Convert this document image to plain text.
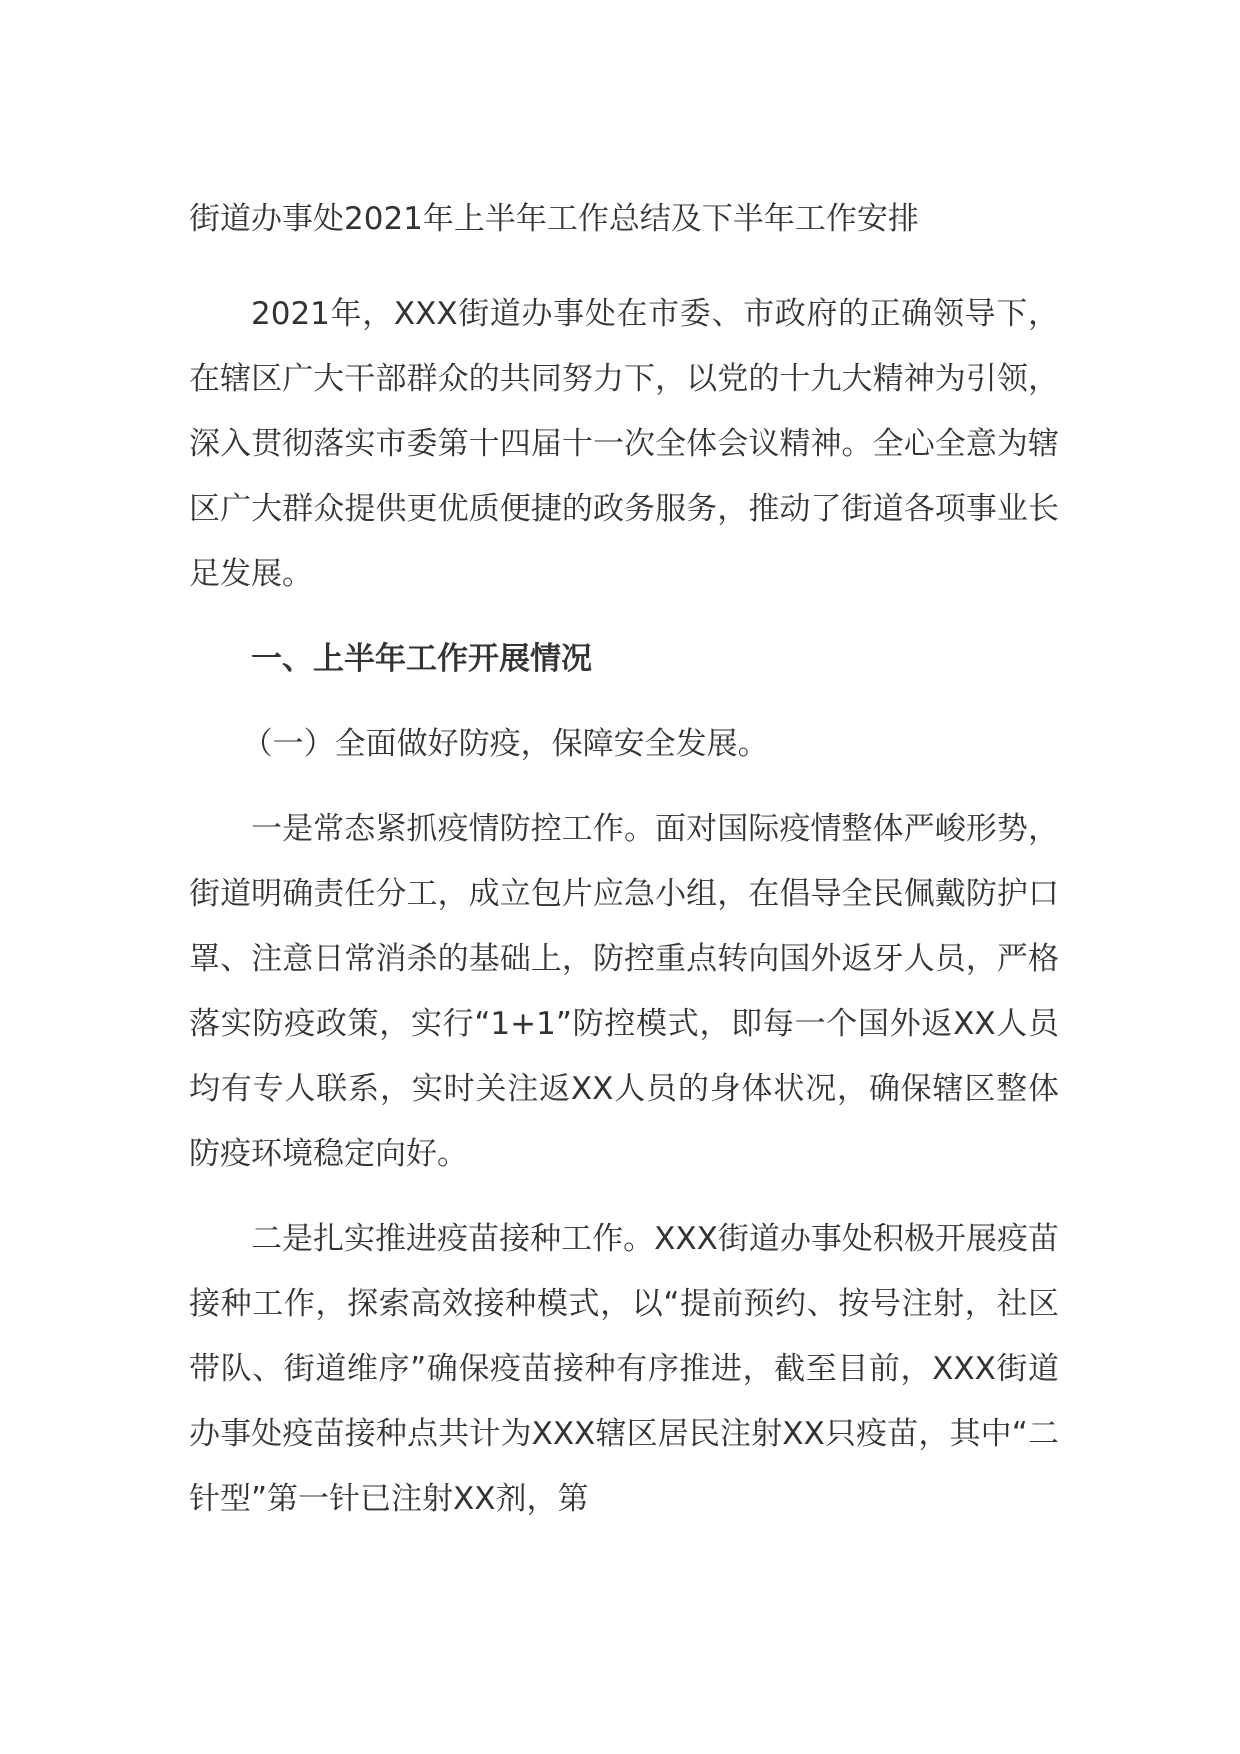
街道办事处2021年上半年工作总结及下半年工作安排

2021年，XXX街道办事处在市委、市政府的正确领导下，在辖区广大干部群众的共同努力下，以党的十九大精神为引领，深入贯彻落实市委第十四届十一次全体会议精神。全心全意为辖区广大群众提供更优质便捷的政务服务，推动了街道各项事业长足发展。

一、上半年工作开展情况

（一）全面做好防疫，保障安全发展。

一是常态紧抓疫情防控工作。面对国际疫情整体严峻形势，街道明确责任分工，成立包片应急小组，在倡导全民佩戴防护口罩、注意日常消杀的基础上，防控重点转向国外返牙人员，严格落实防疫政策，实行“1+1”防控模式，即每一个国外返XX人员均有专人联系，实时关注返XX人员的身体状况，确保辖区整体防疫环境稳定向好。

二是扎实推进疫苗接种工作。XXX街道办事处积极开展疫苗接种工作，探索高效接种模式，以“提前预约、按号注射，社区带队、街道维序”确保疫苗接种有序推进，截至目前，XXX街道办事处疫苗接种点共计为XXX辖区居民注射XX只疫苗，其中“二针型”第一针已注射XX剂，第
